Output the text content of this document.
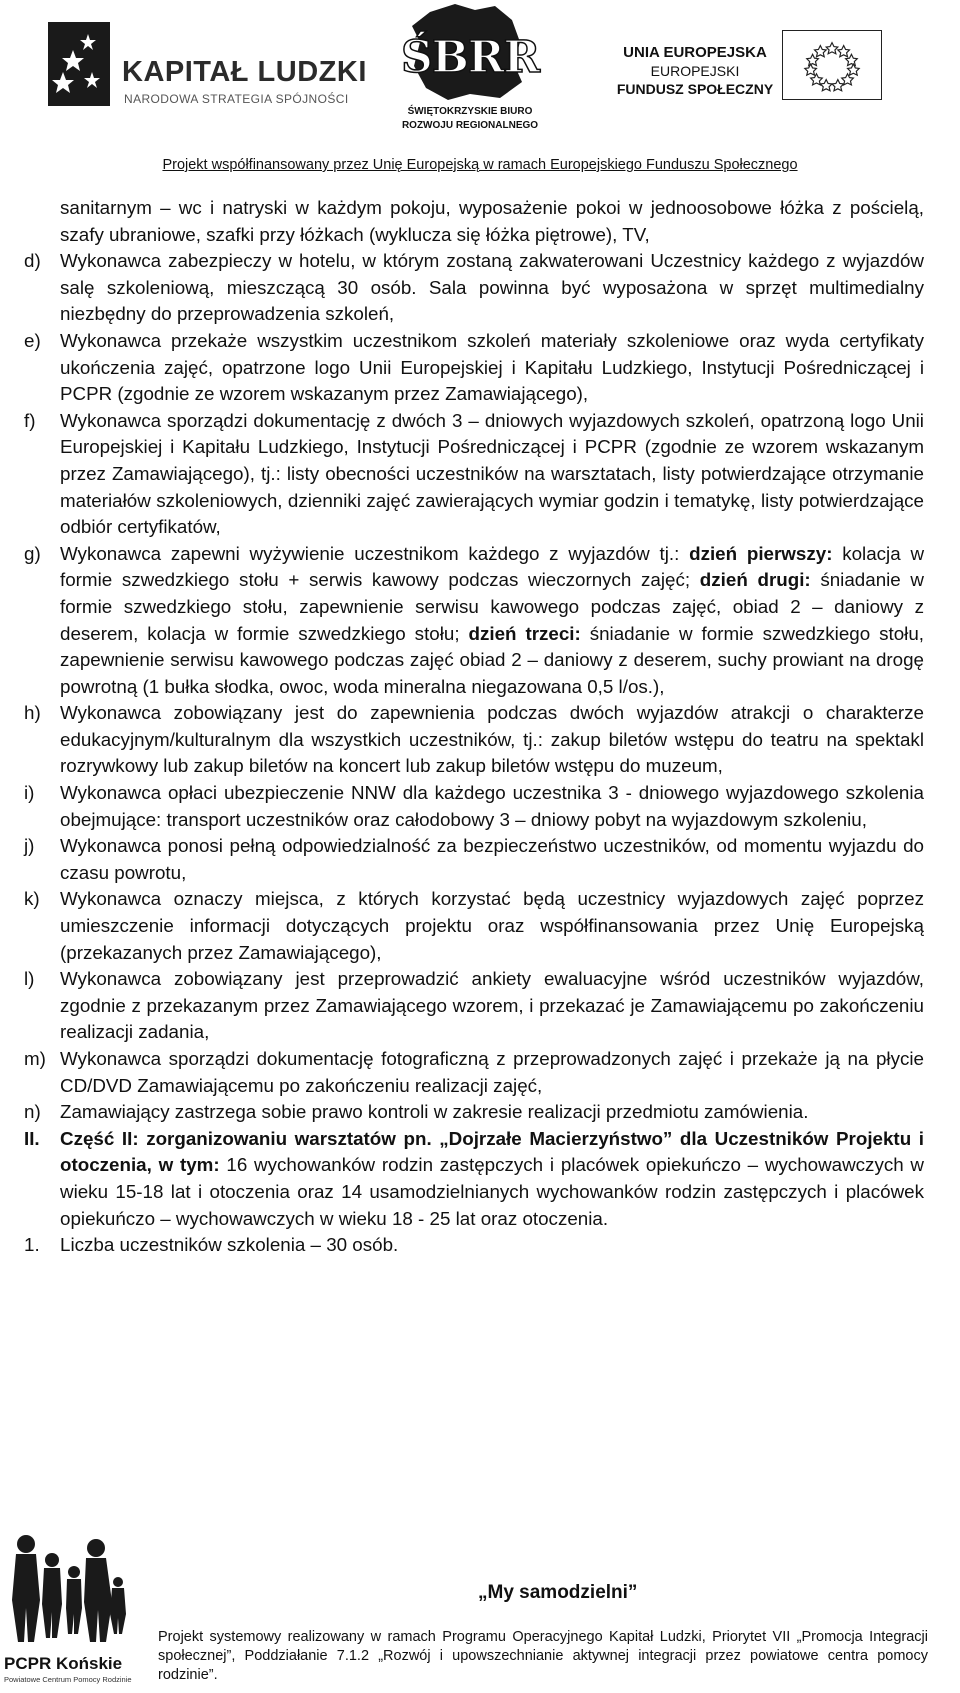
KAPITAŁ LUDZKI
NARODOWA STRATEGIA SPÓJNOŚCI
ŚBRR
ŚWIĘTOKRZYSKIE BIURO
ROZWOJU REGIONALNEGO
UNIA EUROPEJSKA
EUROPEJSKI
FUNDUSZ SPOŁECZNY
Projekt współfinansowany przez Unię Europejską w ramach Europejskiego Funduszu Społecznego
sanitarnym – wc i natryski w każdym pokoju, wyposażenie pokoi w jednoosobowe łóżka z pościelą, szafy ubraniowe, szafki przy łóżkach (wyklucza się łóżka piętrowe), TV,
d) Wykonawca zabezpieczy w hotelu, w którym zostaną zakwaterowani Uczestnicy każdego z wyjazdów salę szkoleniową, mieszczącą 30 osób. Sala powinna być wyposażona w sprzęt multimedialny niezbędny do przeprowadzenia szkoleń,
e) Wykonawca przekaże wszystkim uczestnikom szkoleń materiały szkoleniowe oraz wyda certyfikaty ukończenia zajęć, opatrzone logo Unii Europejskiej i Kapitału Ludzkiego, Instytucji Pośredniczącej i PCPR (zgodnie ze wzorem wskazanym przez Zamawiającego),
f) Wykonawca sporządzi dokumentację z dwóch 3 – dniowych wyjazdowych szkoleń, opatrzoną logo Unii Europejskiej i Kapitału Ludzkiego, Instytucji Pośredniczącej i PCPR (zgodnie ze wzorem wskazanym przez Zamawiającego), tj.: listy obecności uczestników na warsztatach, listy potwierdzające otrzymanie materiałów szkoleniowych, dzienniki zajęć zawierających wymiar godzin i tematykę, listy potwierdzające odbiór certyfikatów,
g) Wykonawca zapewni wyżywienie uczestnikom każdego z wyjazdów tj.: dzień pierwszy: kolacja w formie szwedzkiego stołu + serwis kawowy podczas wieczornych zajęć; dzień drugi: śniadanie w formie szwedzkiego stołu, zapewnienie serwisu kawowego podczas zajęć, obiad 2 – daniowy z deserem, kolacja w formie szwedzkiego stołu; dzień trzeci: śniadanie w formie szwedzkiego stołu, zapewnienie serwisu kawowego podczas zajęć obiad 2 – daniowy z deserem, suchy prowiant na drogę powrotną (1 bułka słodka, owoc, woda mineralna niegazowana 0,5 l/os.),
h) Wykonawca zobowiązany jest do zapewnienia podczas dwóch wyjazdów atrakcji o charakterze edukacyjnym/kulturalnym dla wszystkich uczestników, tj.: zakup biletów wstępu do teatru na spektakl rozrywkowy lub zakup biletów na koncert lub zakup biletów wstępu do muzeum,
i) Wykonawca opłaci ubezpieczenie NNW dla każdego uczestnika 3 - dniowego wyjazdowego szkolenia obejmujące: transport uczestników oraz całodobowy 3 – dniowy pobyt na wyjazdowym szkoleniu,
j) Wykonawca ponosi pełną odpowiedzialność za bezpieczeństwo uczestników, od momentu wyjazdu do czasu powrotu,
k) Wykonawca oznaczy miejsca, z których korzystać będą uczestnicy wyjazdowych zajęć poprzez umieszczenie informacji dotyczących projektu oraz współfinansowania przez Unię Europejską (przekazanych przez Zamawiającego),
l) Wykonawca zobowiązany jest przeprowadzić ankiety ewaluacyjne wśród uczestników wyjazdów, zgodnie z przekazanym przez Zamawiającego wzorem, i przekazać je Zamawiającemu po zakończeniu realizacji zadania,
m) Wykonawca sporządzi dokumentację fotograficzną z przeprowadzonych zajęć i przekaże ją na płycie CD/DVD Zamawiającemu po zakończeniu realizacji zajęć,
n) Zamawiający zastrzega sobie prawo kontroli w zakresie realizacji przedmiotu zamówienia.
II. Część II: zorganizowaniu warsztatów pn. „Dojrzałe Macierzyństwo” dla Uczestników Projektu i otoczenia, w tym: 16 wychowanków rodzin zastępczych i placówek opiekuńczo – wychowawczych w wieku 15-18 lat i otoczenia oraz 14 usamodzielnianych wychowanków rodzin zastępczych i placówek opiekuńczo – wychowawczych w wieku 18 - 25 lat oraz otoczenia.
1. Liczba uczestników szkolenia – 30 osób.
PCPR Końskie
Powiatowe Centrum Pomocy Rodzinie
„My samodzielni”
Projekt systemowy realizowany w ramach Programu Operacyjnego Kapitał Ludzki, Priorytet VII „Promocja Integracji społecznej”, Poddziałanie 7.1.2 „Rozwój i upowszechnianie aktywnej integracji przez powiatowe centra pomocy rodzinie”.
